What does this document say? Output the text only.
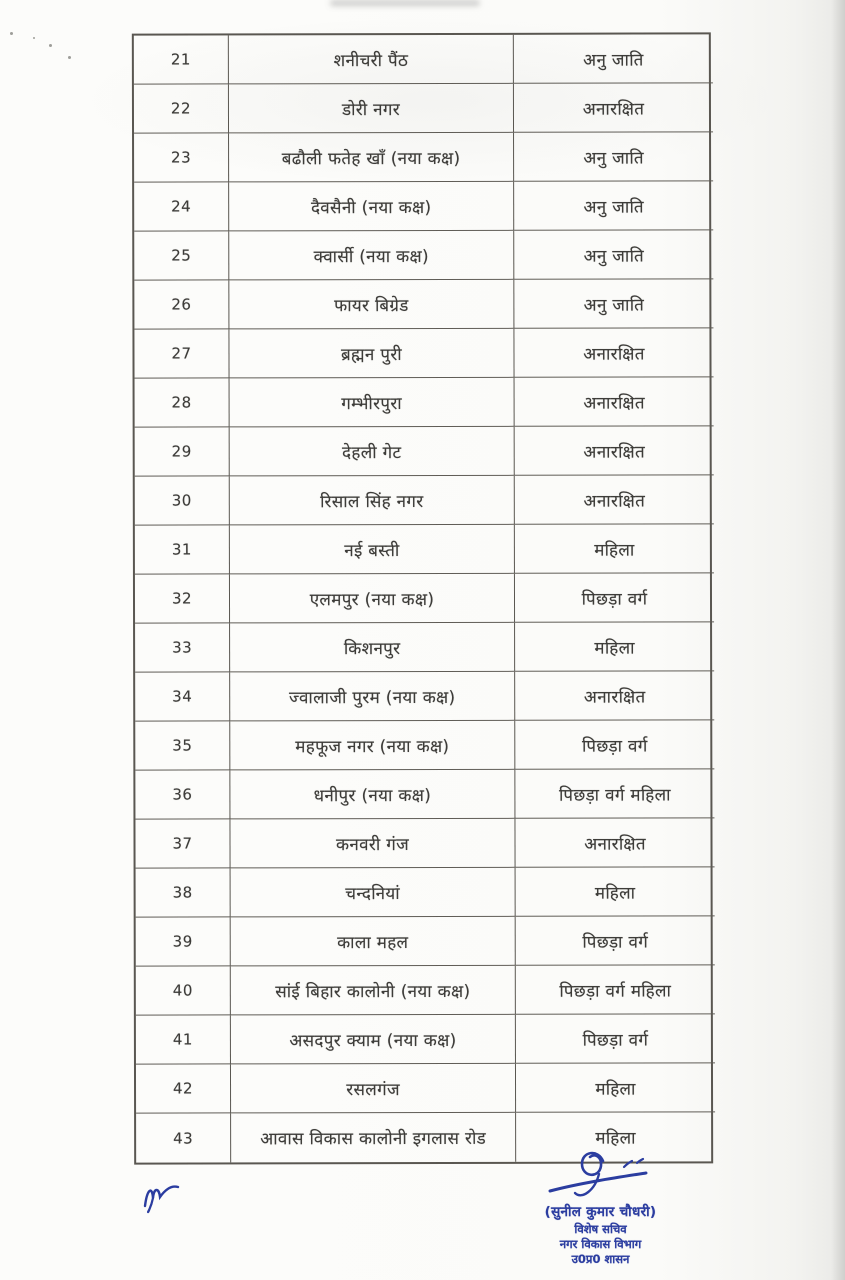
21	शनीचरी पैंठ	अनु जाति
22	डोरी नगर	अनारक्षित
23	बढौली फतेह खाँ (नया कक्ष)	अनु जाति
24	दैवसैनी (नया कक्ष)	अनु जाति
25	क्वार्सी (नया कक्ष)	अनु जाति
26	फायर बिग्रेड	अनु जाति
27	ब्रह्मन पुरी	अनारक्षित
28	गम्भीरपुरा	अनारक्षित
29	देहली गेट	अनारक्षित
30	रिसाल सिंह नगर	अनारक्षित
31	नई बस्ती	महिला
32	एलमपुर (नया कक्ष)	पिछड़ा वर्ग
33	किशनपुर	महिला
34	ज्वालाजी पुरम (नया कक्ष)	अनारक्षित
35	महफूज नगर (नया कक्ष)	पिछड़ा वर्ग
36	धनीपुर (नया कक्ष)	पिछड़ा वर्ग महिला
37	कनवरी गंज	अनारक्षित
38	चन्दनियां	महिला
39	काला महल	पिछड़ा वर्ग
40	सांई बिहार कालोनी (नया कक्ष)	पिछड़ा वर्ग महिला
41	असदपुर क्याम (नया कक्ष)	पिछड़ा वर्ग
42	रसलगंज	महिला
43	आवास विकास कालोनी इगलास रोड	महिला
(सुनील कुमार चौधरी)
विशेष सचिव
नगर विकास विभाग
उ0प्र0 शासन
